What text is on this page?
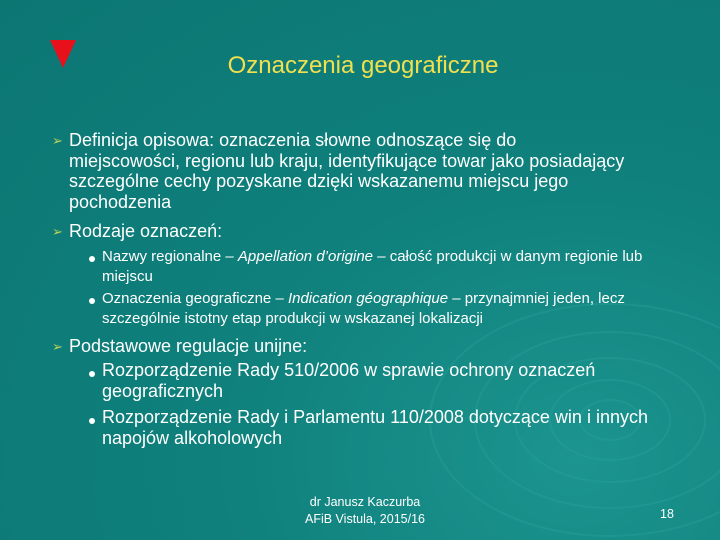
Oznaczenia geograficzne
➢ Definicja opisowa: oznaczenia słowne odnoszące się do miejscowości, regionu lub kraju, identyfikujące towar jako posiadający szczególne cechy pozyskane dzięki wskazanemu miejscu jego pochodzenia
➢ Rodzaje oznaczeń:
Nazwy regionalne – Appellation d’origine – całość produkcji w danym regionie lub miejscu
Oznaczenia geograficzne – Indication géographique – przynajmniej jeden, lecz szczególnie istotny etap produkcji w wskazanej lokalizacji
➢ Podstawowe regulacje unijne:
Rozporządzenie Rady 510/2006 w sprawie ochrony oznaczeń geograficznych
Rozporządzenie Rady i Parlamentu 110/2008 dotyczące win i innych napojów alkoholowych
dr Janusz Kaczurba
AFiB Vistula, 2015/16	18
